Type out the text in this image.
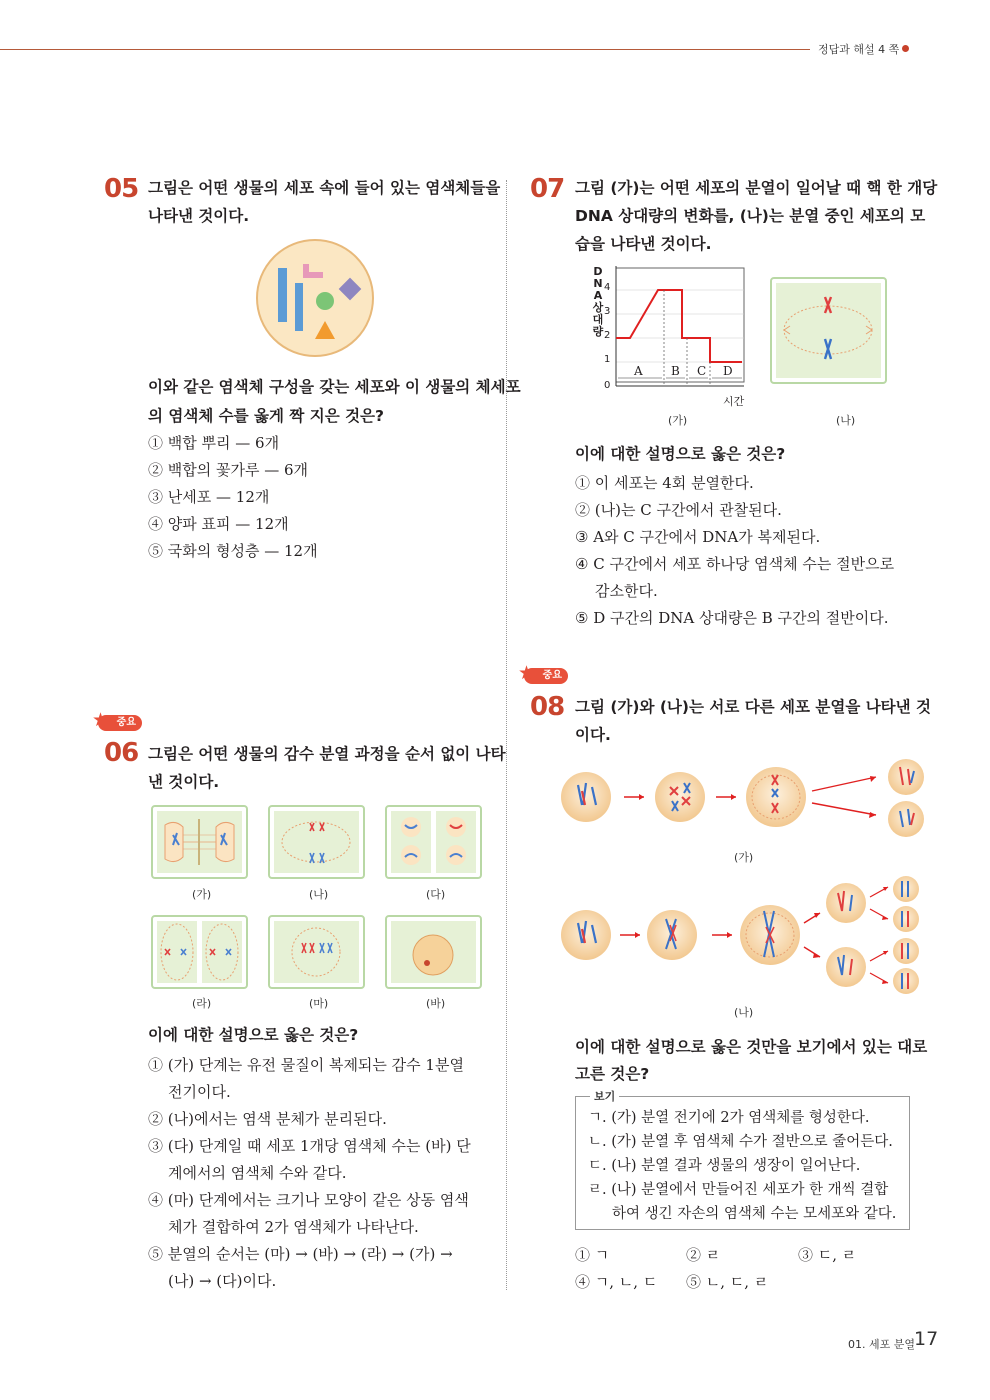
정답과 해설 4 쪽
05 그림은 어떤 생물의 세포 속에 들어 있는 염색체들을
나타낸 것이다.
이와 같은 염색체 구성을 갖는 세포와 이 생물의 체세포
의 염색체 수를 옳게 짝 지은 것은?
① 백합 뿌리 — 6개
② 백합의 꽃가루 — 6개
③ 난세포 — 12개
④ 양파 표피 — 12개
⑤ 국화의 형성층 — 12개
★ 중요
06 그림은 어떤 생물의 감수 분열 과정을 순서 없이 나타
낸 것이다.
(가)	(나)	(다)
(라)	(마)	(바)
이에 대한 설명으로 옳은 것은?
① (가) 단계는 유전 물질이 복제되는 감수 1분열
전기이다.
② (나)에서는 염색 분체가 분리된다.
③ (다) 단계일 때 세포 1개당 염색체 수는 (바) 단
계에서의 염색체 수와 같다.
④ (마) 단계에서는 크기나 모양이 같은 상동 염색
체가 결합하여 2가 염색체가 나타난다.
⑤ 분열의 순서는 (마) → (바) → (라) → (가) →
(나) → (다)이다.
07 그림 (가)는 어떤 세포의 분열이 일어날 때 핵 한 개당
DNA 상대량의 변화를, (나)는 분열 중인 세포의 모
습을 나타낸 것이다.
D
N
A
상
대
량
4
3
2
1
0
A B C D
시간
(가)	(나)
이에 대한 설명으로 옳은 것은?
① 이 세포는 4회 분열한다.
② (나)는 C 구간에서 관찰된다.
③ A와 C 구간에서 DNA가 복제된다.
④ C 구간에서 세포 하나당 염색체 수는 절반으로
감소한다.
⑤ D 구간의 DNA 상대량은 B 구간의 절반이다.
★ 중요
08 그림 (가)와 (나)는 서로 다른 세포 분열을 나타낸 것
이다.
(가)
(나)
이에 대한 설명으로 옳은 것만을 보기에서 있는 대로
고른 것은?
보기
ㄱ. (가) 분열 전기에 2가 염색체를 형성한다.
ㄴ. (가) 분열 후 염색체 수가 절반으로 줄어든다.
ㄷ. (나) 분열 결과 생물의 생장이 일어난다.
ㄹ. (나) 분열에서 만들어진 세포가 한 개씩 결합
하여 생긴 자손의 염색체 수는 모세포와 같다.
① ㄱ	② ㄹ	③ ㄷ, ㄹ
④ ㄱ, ㄴ, ㄷ ⑤ ㄴ, ㄷ, ㄹ
01. 세포 분열 17
